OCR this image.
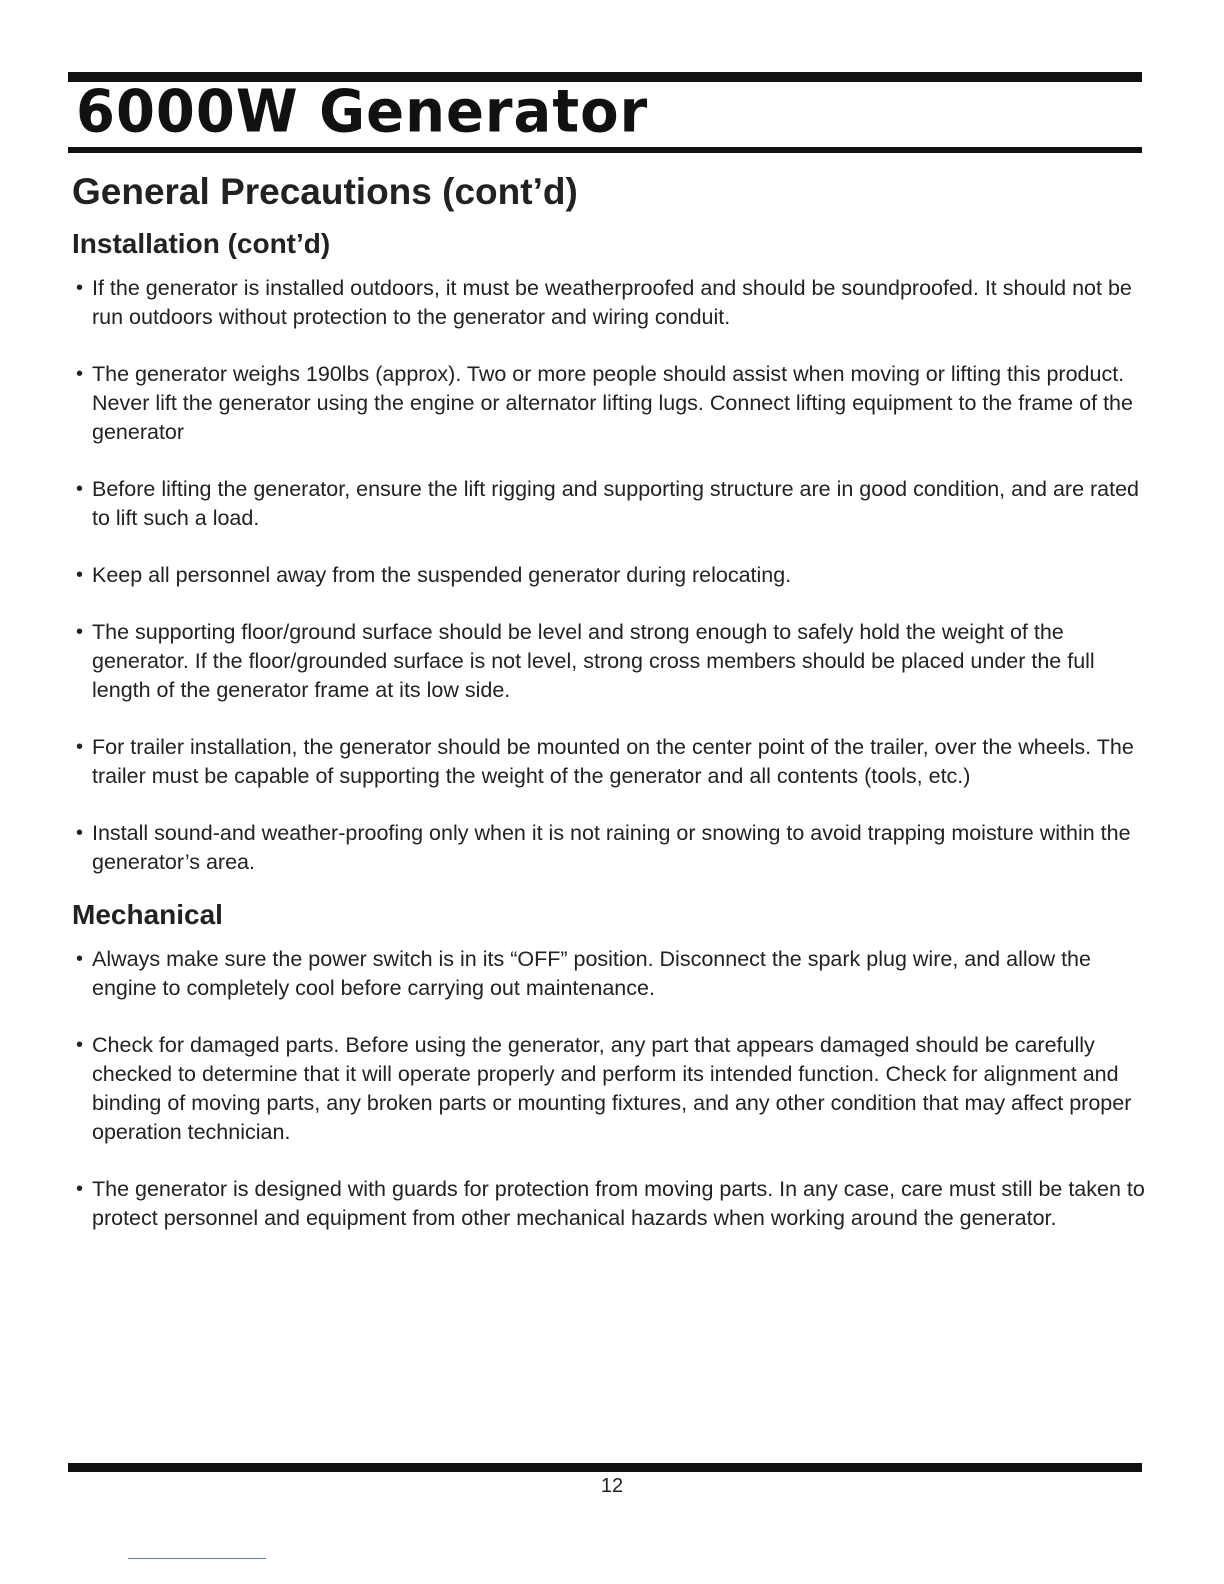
6000W Generator
General Precautions (cont’d)
Installation (cont’d)
• If the generator is installed outdoors, it must be weatherproofed and should be soundproofed. It should not be run outdoors without protection to the generator and wiring conduit.
• The generator weighs 190lbs (approx). Two or more people should assist when moving or lifting this product. Never lift the generator using the engine or alternator lifting lugs. Connect lifting equipment to the frame of the generator
• Before lifting the generator, ensure the lift rigging and supporting structure are in good condition, and are rated to lift such a load.
• Keep all personnel away from the suspended generator during relocating.
• The supporting floor/ground surface should be level and strong enough to safely hold the weight of the generator. If the floor/grounded surface is not level, strong cross members should be placed under the full length of the generator frame at its low side.
• For trailer installation, the generator should be mounted on the center point of the trailer, over the wheels. The trailer must be capable of supporting the weight of the generator and all contents (tools, etc.)
• Install sound-and weather-proofing only when it is not raining or snowing to avoid trapping moisture within the generator’s area.
Mechanical
• Always make sure the power switch is in its “OFF” position. Disconnect the spark plug wire, and allow the engine to completely cool before carrying out maintenance.
• Check for damaged parts. Before using the generator, any part that appears damaged should be carefully checked to determine that it will operate properly and perform its intended function. Check for alignment and binding of moving parts, any broken parts or mounting fixtures, and any other condition that may affect proper operation technician.
• The generator is designed with guards for protection from moving parts. In any case, care must still be taken to protect personnel and equipment from other mechanical hazards when working around the generator.
12
